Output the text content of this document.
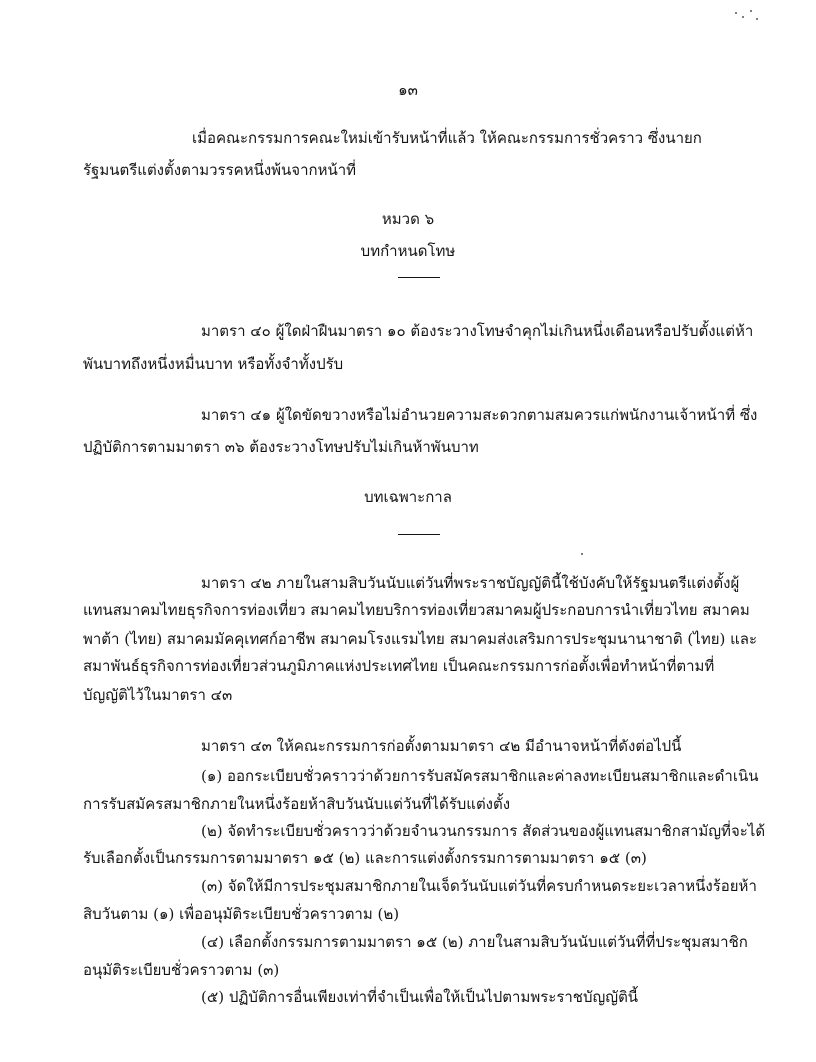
๑๓
เมื่อคณะกรรมการคณะใหม่เข้ารับหน้าที่แล้ว ให้คณะกรรมการชั่วคราว ซึ่งนายก
รัฐมนตรีแต่งตั้งตามวรรคหนึ่งพ้นจากหน้าที่
หมวด ๖
บทกำหนดโทษ
มาตรา ๔๐ ผู้ใดฝ่าฝืนมาตรา ๑๐ ต้องระวางโทษจำคุกไม่เกินหนึ่งเดือนหรือปรับตั้งแต่ห้า
พันบาทถึงหนึ่งหมื่นบาท หรือทั้งจำทั้งปรับ
มาตรา ๔๑ ผู้ใดขัดขวางหรือไม่อำนวยความสะดวกตามสมควรแก่พนักงานเจ้าหน้าที่ ซึ่ง
ปฏิบัติการตามมาตรา ๓๖ ต้องระวางโทษปรับไม่เกินห้าพันบาท
บทเฉพาะกาล
มาตรา ๔๒ ภายในสามสิบวันนับแต่วันที่พระราชบัญญัตินี้ใช้บังคับให้รัฐมนตรีแต่งตั้งผู้
แทนสมาคมไทยธุรกิจการท่องเที่ยว สมาคมไทยบริการท่องเที่ยวสมาคมผู้ประกอบการนำเที่ยวไทย สมาคม
พาต้า (ไทย) สมาคมมัคคุเทศก์อาชีพ สมาคมโรงแรมไทย สมาคมส่งเสริมการประชุมนานาชาติ (ไทย) และ
สมาพันธ์ธุรกิจการท่องเที่ยวส่วนภูมิภาคแห่งประเทศไทย เป็นคณะกรรมการก่อตั้งเพื่อทำหน้าที่ตามที่
บัญญัติไว้ในมาตรา ๔๓
มาตรา ๔๓ ให้คณะกรรมการก่อตั้งตามมาตรา ๔๒ มีอำนาจหน้าที่ดังต่อไปนี้
(๑) ออกระเบียบชั่วคราวว่าด้วยการรับสมัครสมาชิกและค่าลงทะเบียนสมาชิกและดำเนิน
การรับสมัครสมาชิกภายในหนึ่งร้อยห้าสิบวันนับแต่วันที่ได้รับแต่งตั้ง
(๒) จัดทำระเบียบชั่วคราวว่าด้วยจำนวนกรรมการ สัดส่วนของผู้แทนสมาชิกสามัญที่จะได้
รับเลือกตั้งเป็นกรรมการตามมาตรา ๑๕ (๒) และการแต่งตั้งกรรมการตามมาตรา ๑๕ (๓)
(๓) จัดให้มีการประชุมสมาชิกภายในเจ็ดวันนับแต่วันที่ครบกำหนดระยะเวลาหนึ่งร้อยห้า
สิบวันตาม (๑) เพื่ออนุมัติระเบียบชั่วคราวตาม (๒)
(๔) เลือกตั้งกรรมการตามมาตรา ๑๕ (๒) ภายในสามสิบวันนับแต่วันที่ที่ประชุมสมาชิก
อนุมัติระเบียบชั่วคราวตาม (๓)
(๕) ปฏิบัติการอื่นเพียงเท่าที่จำเป็นเพื่อให้เป็นไปตามพระราชบัญญัตินี้
